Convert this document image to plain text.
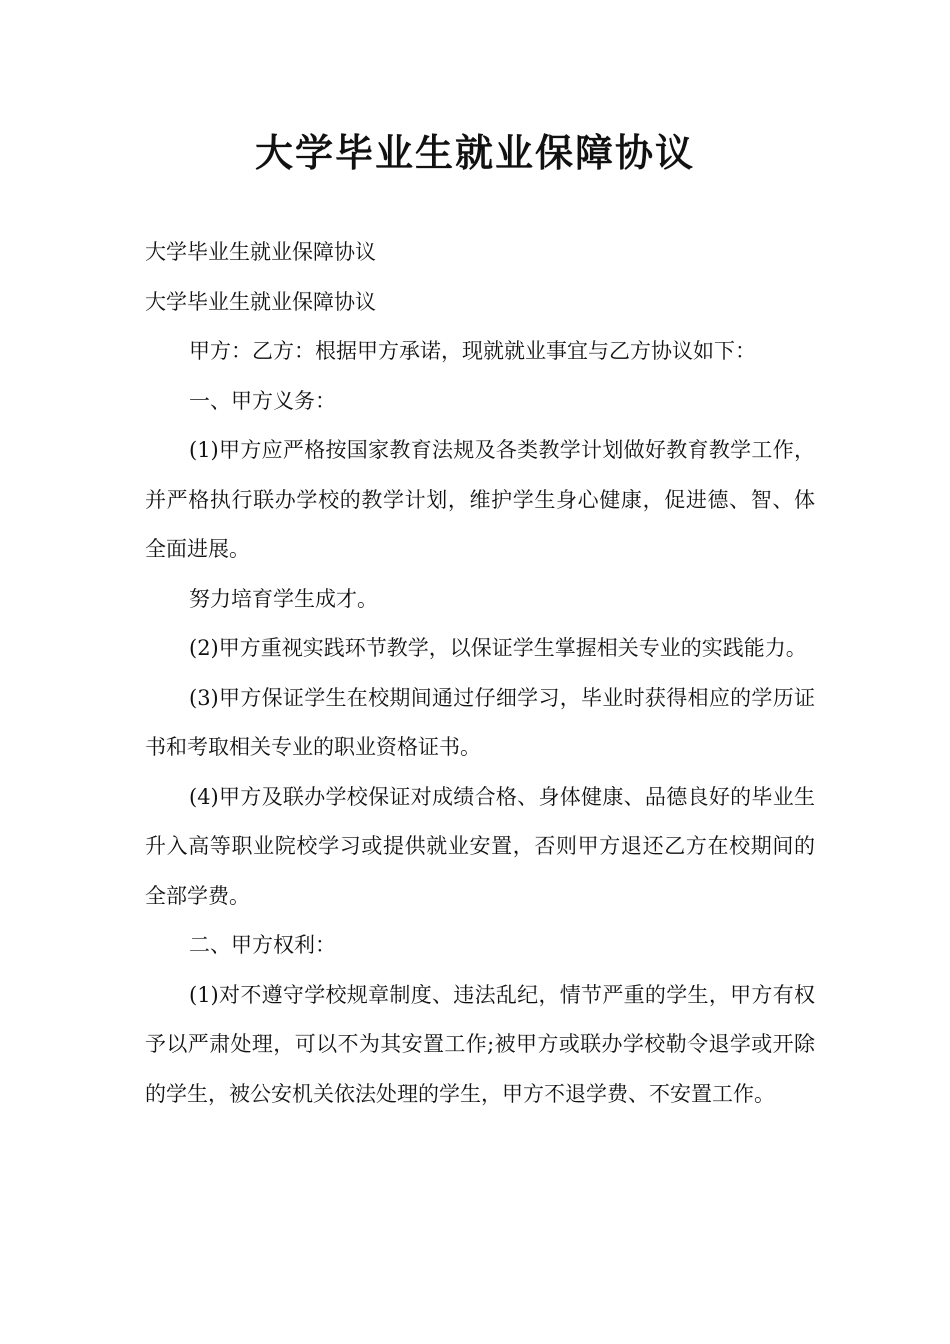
大学毕业生就业保障协议

大学毕业生就业保障协议

大学毕业生就业保障协议

甲方：乙方：根据甲方承诺，现就就业事宜与乙方协议如下：

一、甲方义务：

(1)甲方应严格按国家教育法规及各类教学计划做好教育教学工作，并严格执行联办学校的教学计划，维护学生身心健康，促进德、智、体全面进展。

努力培育学生成才。

(2)甲方重视实践环节教学，以保证学生掌握相关专业的实践能力。

(3)甲方保证学生在校期间通过仔细学习，毕业时获得相应的学历证书和考取相关专业的职业资格证书。

(4)甲方及联办学校保证对成绩合格、身体健康、品德良好的毕业生升入高等职业院校学习或提供就业安置，否则甲方退还乙方在校期间的全部学费。

二、甲方权利：

(1)对不遵守学校规章制度、违法乱纪，情节严重的学生，甲方有权予以严肃处理，可以不为其安置工作;被甲方或联办学校勒令退学或开除的学生，被公安机关依法处理的学生，甲方不退学费、不安置工作。
